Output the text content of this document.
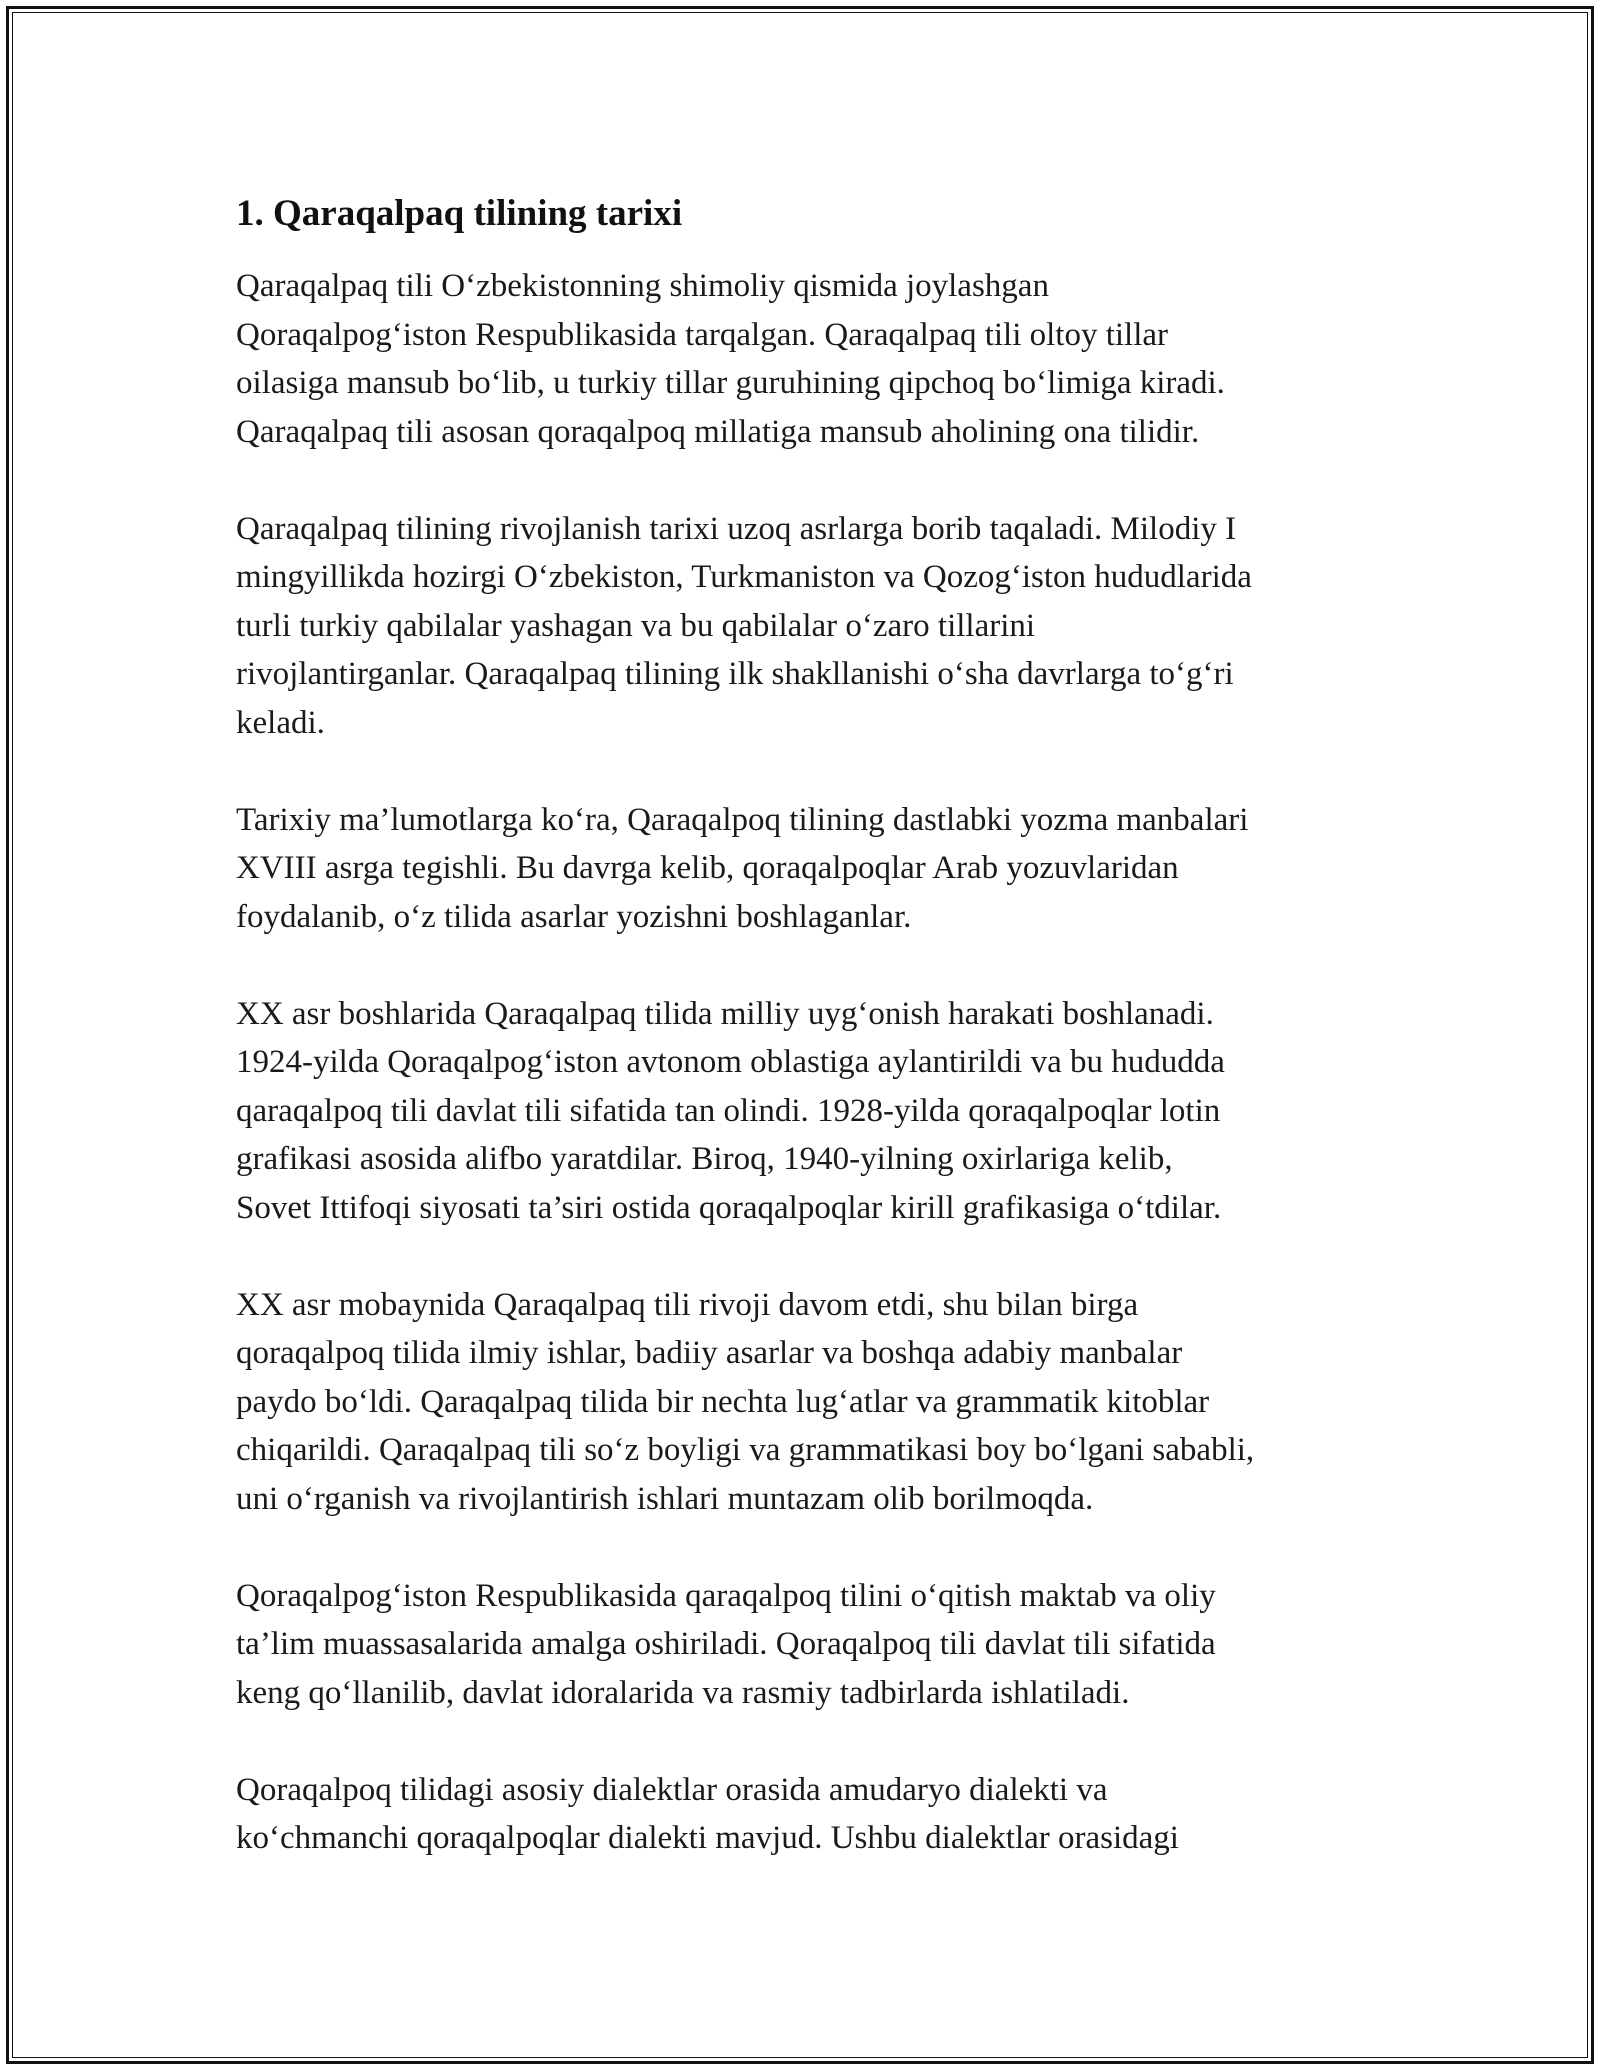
1. Qaraqalpaq tilining tarixi
Qaraqalpaq tili O‘zbekistonning shimoliy qismida joylashgan
Qoraqalpog‘iston Respublikasida tarqalgan. Qaraqalpaq tili oltoy tillar
oilasiga mansub bo‘lib, u turkiy tillar guruhining qipchoq bo‘limiga kiradi.
Qaraqalpaq tili asosan qoraqalpoq millatiga mansub aholining ona tilidir.
Qaraqalpaq tilining rivojlanish tarixi uzoq asrlarga borib taqaladi. Milodiy I
mingyillikda hozirgi O‘zbekiston, Turkmaniston va Qozog‘iston hududlarida
turli turkiy qabilalar yashagan va bu qabilalar o‘zaro tillarini
rivojlantirganlar. Qaraqalpaq tilining ilk shakllanishi o‘sha davrlarga to‘g‘ri
keladi.
Tarixiy ma’lumotlarga ko‘ra, Qaraqalpoq tilining dastlabki yozma manbalari
XVIII asrga tegishli. Bu davrga kelib, qoraqalpoqlar Arab yozuvlaridan
foydalanib, o‘z tilida asarlar yozishni boshlaganlar.
XX asr boshlarida Qaraqalpaq tilida milliy uyg‘onish harakati boshlanadi.
1924-yilda Qoraqalpog‘iston avtonom oblastiga aylantirildi va bu hududda
qaraqalpoq tili davlat tili sifatida tan olindi. 1928-yilda qoraqalpoqlar lotin
grafikasi asosida alifbo yaratdilar. Biroq, 1940-yilning oxirlariga kelib,
Sovet Ittifoqi siyosati ta’siri ostida qoraqalpoqlar kirill grafikasiga o‘tdilar.
XX asr mobaynida Qaraqalpaq tili rivoji davom etdi, shu bilan birga
qoraqalpoq tilida ilmiy ishlar, badiiy asarlar va boshqa adabiy manbalar
paydo bo‘ldi. Qaraqalpaq tilida bir nechta lug‘atlar va grammatik kitoblar
chiqarildi. Qaraqalpaq tili so‘z boyligi va grammatikasi boy bo‘lgani sababli,
uni o‘rganish va rivojlantirish ishlari muntazam olib borilmoqda.
Qoraqalpog‘iston Respublikasida qaraqalpoq tilini o‘qitish maktab va oliy
ta’lim muassasalarida amalga oshiriladi. Qoraqalpoq tili davlat tili sifatida
keng qo‘llanilib, davlat idoralarida va rasmiy tadbirlarda ishlatiladi.
Qoraqalpoq tilidagi asosiy dialektlar orasida amudaryo dialekti va
ko‘chmanchi qoraqalpoqlar dialekti mavjud. Ushbu dialektlar orasidagi
